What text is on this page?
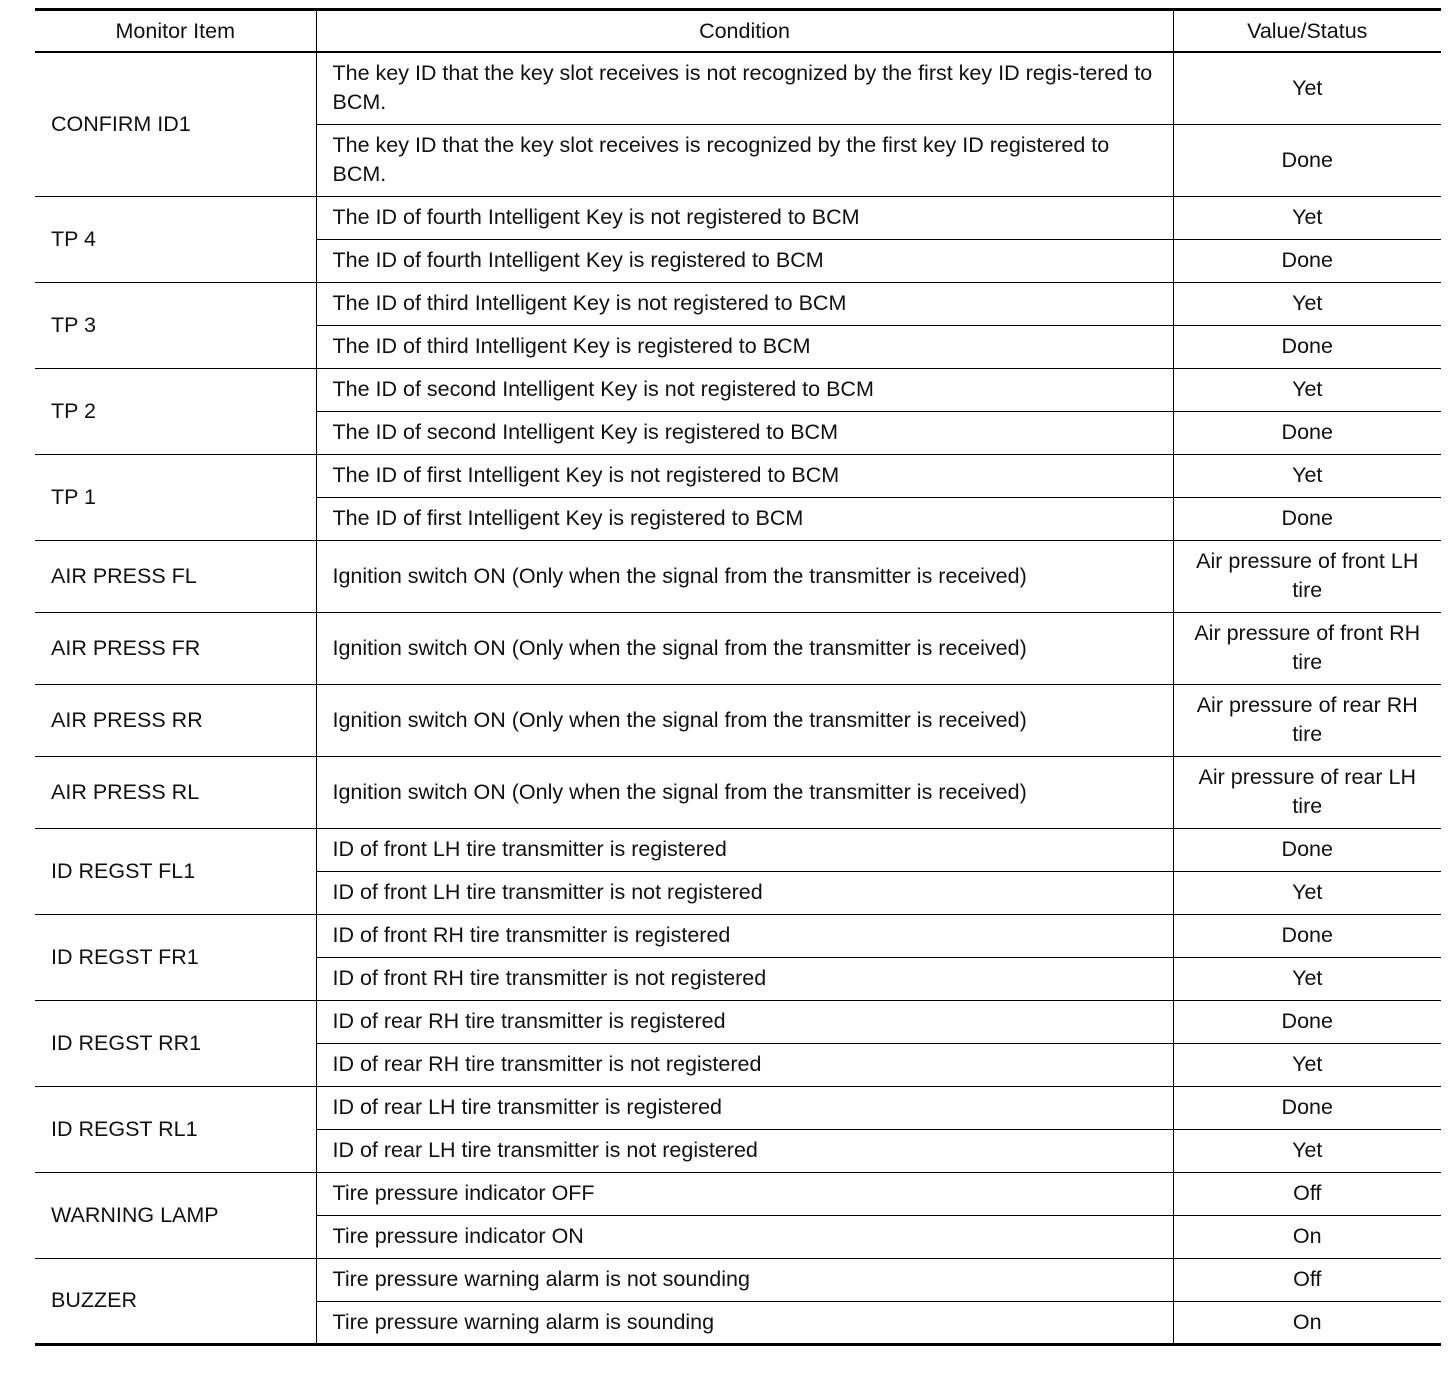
Monitor Item	Condition	Value/Status
CONFIRM ID1	The key ID that the key slot receives is not recognized by the first key ID regis-tered to BCM.	Yet
	The key ID that the key slot receives is recognized by the first key ID registered to BCM.	Done
TP 4	The ID of fourth Intelligent Key is not registered to BCM	Yet
	The ID of fourth Intelligent Key is registered to BCM	Done
TP 3	The ID of third Intelligent Key is not registered to BCM	Yet
	The ID of third Intelligent Key is registered to BCM	Done
TP 2	The ID of second Intelligent Key is not registered to BCM	Yet
	The ID of second Intelligent Key is registered to BCM	Done
TP 1	The ID of first Intelligent Key is not registered to BCM	Yet
	The ID of first Intelligent Key is registered to BCM	Done
AIR PRESS FL	Ignition switch ON (Only when the signal from the transmitter is received)	Air pressure of front LH tire
AIR PRESS FR	Ignition switch ON (Only when the signal from the transmitter is received)	Air pressure of front RH tire
AIR PRESS RR	Ignition switch ON (Only when the signal from the transmitter is received)	Air pressure of rear RH tire
AIR PRESS RL	Ignition switch ON (Only when the signal from the transmitter is received)	Air pressure of rear LH tire
ID REGST FL1	ID of front LH tire transmitter is registered	Done
	ID of front LH tire transmitter is not registered	Yet
ID REGST FR1	ID of front RH tire transmitter is registered	Done
	ID of front RH tire transmitter is not registered	Yet
ID REGST RR1	ID of rear RH tire transmitter is registered	Done
	ID of rear RH tire transmitter is not registered	Yet
ID REGST RL1	ID of rear LH tire transmitter is registered	Done
	ID of rear LH tire transmitter is not registered	Yet
WARNING LAMP	Tire pressure indicator OFF	Off
	Tire pressure indicator ON	On
BUZZER	Tire pressure warning alarm is not sounding	Off
	Tire pressure warning alarm is sounding	On
